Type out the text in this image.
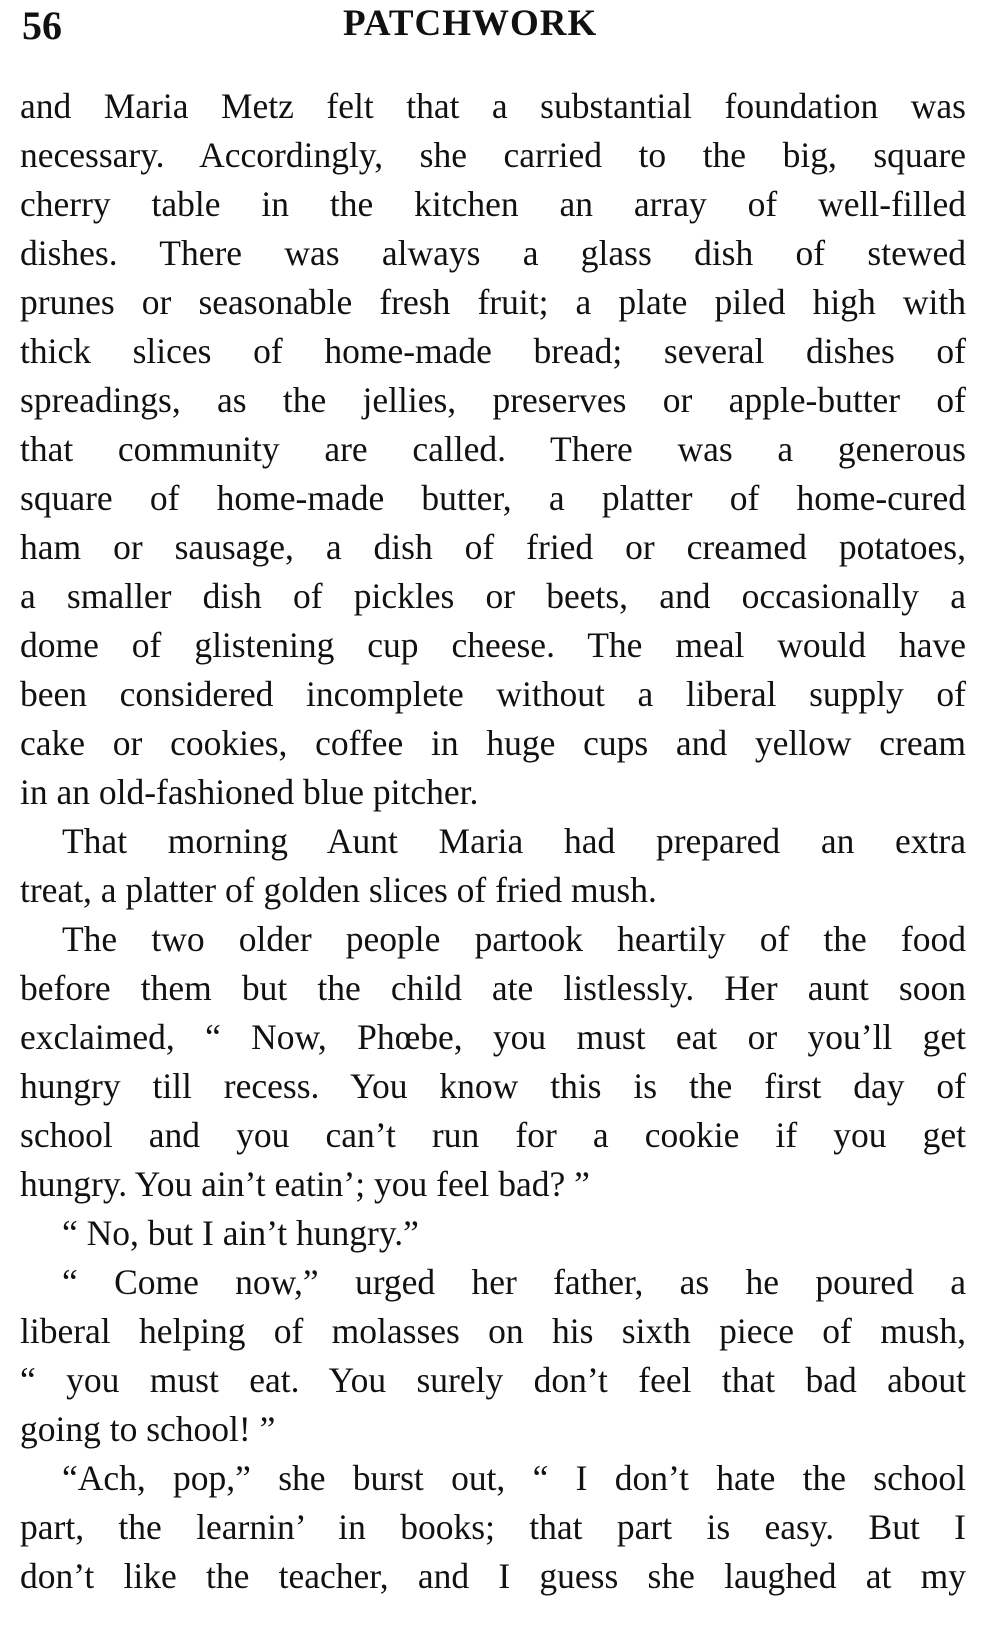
56	PATCHWORK
and Maria Metz felt that a substantial foundation was
necessary. Accordingly, she carried to the big, square
cherry table in the kitchen an array of well-filled
dishes. There was always a glass dish of stewed
prunes or seasonable fresh fruit; a plate piled high with
thick slices of home-made bread; several dishes of
spreadings, as the jellies, preserves or apple-butter of
that community are called. There was a generous
square of home-made butter, a platter of home-cured
ham or sausage, a dish of fried or creamed potatoes,
a smaller dish of pickles or beets, and occasionally a
dome of glistening cup cheese. The meal would have
been considered incomplete without a liberal supply of
cake or cookies, coffee in huge cups and yellow cream
in an old-fashioned blue pitcher.
That morning Aunt Maria had prepared an extra
treat, a platter of golden slices of fried mush.
The two older people partook heartily of the food
before them but the child ate listlessly. Her aunt soon
exclaimed, “ Now, Phœbe, you must eat or you’ll get
hungry till recess. You know this is the first day of
school and you can’t run for a cookie if you get
hungry. You ain’t eatin’; you feel bad? ”
“ No, but I ain’t hungry.”
“ Come now,” urged her father, as he poured a
liberal helping of molasses on his sixth piece of mush,
“ you must eat. You surely don’t feel that bad about
going to school! ”
“Ach, pop,” she burst out, “ I don’t hate the school
part, the learnin’ in books; that part is easy. But I
don’t like the teacher, and I guess she laughed at my
